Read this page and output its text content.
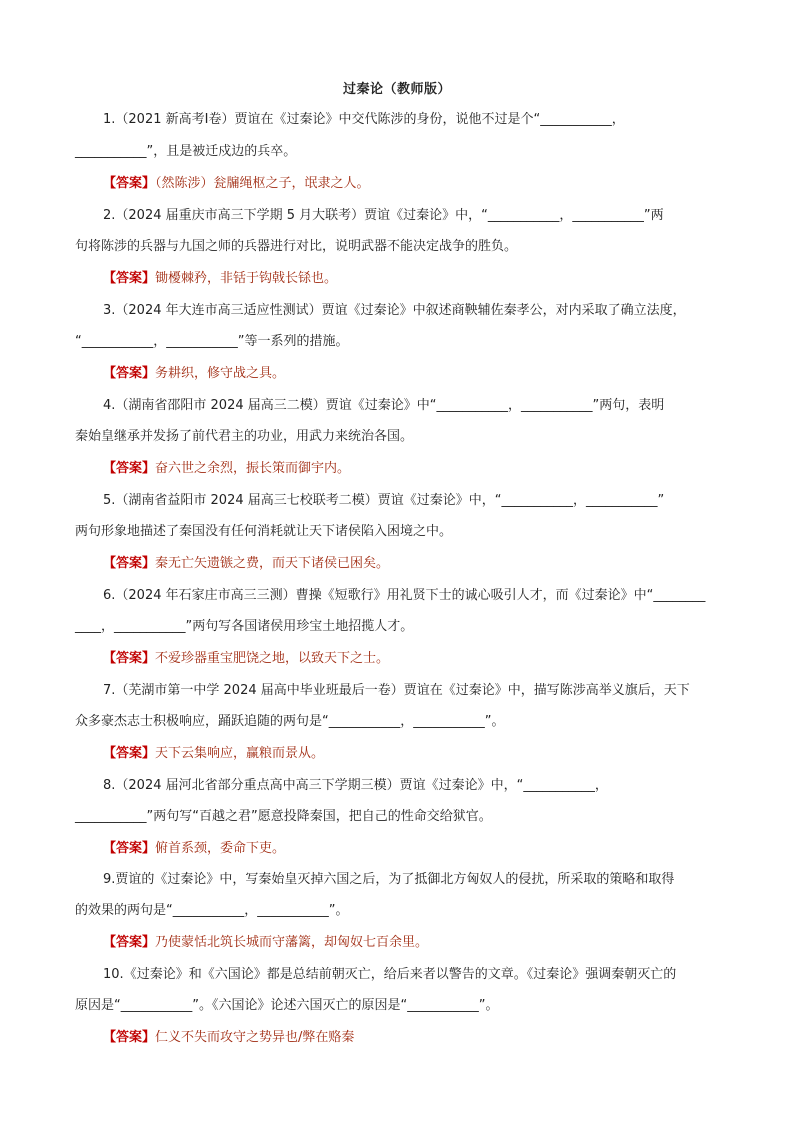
过秦论（教师版）
1.（2021 新高考Ⅰ卷）贾谊在《过秦论》中交代陈涉的身份，说他不过是个“___________，
___________”，且是被迁戍边的兵卒。
【答案】（然陈涉）瓮牖绳枢之子，氓隶之人。
2.（2024 届重庆市高三下学期 5 月大联考）贾谊《过秦论》中，“___________，___________”两
句将陈涉的兵器与九国之师的兵器进行对比，说明武器不能决定战争的胜负。
【答案】锄櫌棘矜，非铦于钩戟长铩也。
3.（2024 年大连市高三适应性测试）贾谊《过秦论》中叙述商鞅辅佐秦孝公，对内采取了确立法度，
“___________，___________”等一系列的措施。
【答案】务耕织，修守战之具。
4.（湖南省邵阳市 2024 届高三二模）贾谊《过秦论》中“___________，___________”两句，表明
秦始皇继承并发扬了前代君主的功业，用武力来统治各国。
【答案】奋六世之余烈，振长策而御宇内。
5.（湖南省益阳市 2024 届高三七校联考二模）贾谊《过秦论》中，“___________，___________”
两句形象地描述了秦国没有任何消耗就让天下诸侯陷入困境之中。
【答案】秦无亡矢遗镞之费，而天下诸侯已困矣。
6.（2024 年石家庄市高三三测）曹操《短歌行》用礼贤下士的诚心吸引人才，而《过秦论》中“________
____，___________”两句写各国诸侯用珍宝土地招揽人才。
【答案】不爱珍器重宝肥饶之地，以致天下之士。
7.（芜湖市第一中学 2024 届高中毕业班最后一卷）贾谊在《过秦论》中，描写陈涉高举义旗后，天下
众多豪杰志士积极响应，踊跃追随的两句是“___________，___________”。
【答案】天下云集响应，赢粮而景从。
8.（2024 届河北省部分重点高中高三下学期三模）贾谊《过秦论》中，“___________，
___________”两句写“百越之君”愿意投降秦国，把自己的性命交给狱官。
【答案】俯首系颈，委命下吏。
9.贾谊的《过秦论》中，写秦始皇灭掉六国之后，为了抵御北方匈奴人的侵扰，所采取的策略和取得
的效果的两句是“___________，___________”。
【答案】乃使蒙恬北筑长城而守藩篱，却匈奴七百余里。
10.《过秦论》和《六国论》都是总结前朝灭亡，给后来者以警告的文章。《过秦论》强调秦朝灭亡的
原因是“___________”。《六国论》论述六国灭亡的原因是“___________”。
【答案】仁义不失而攻守之势异也/弊在赂秦
